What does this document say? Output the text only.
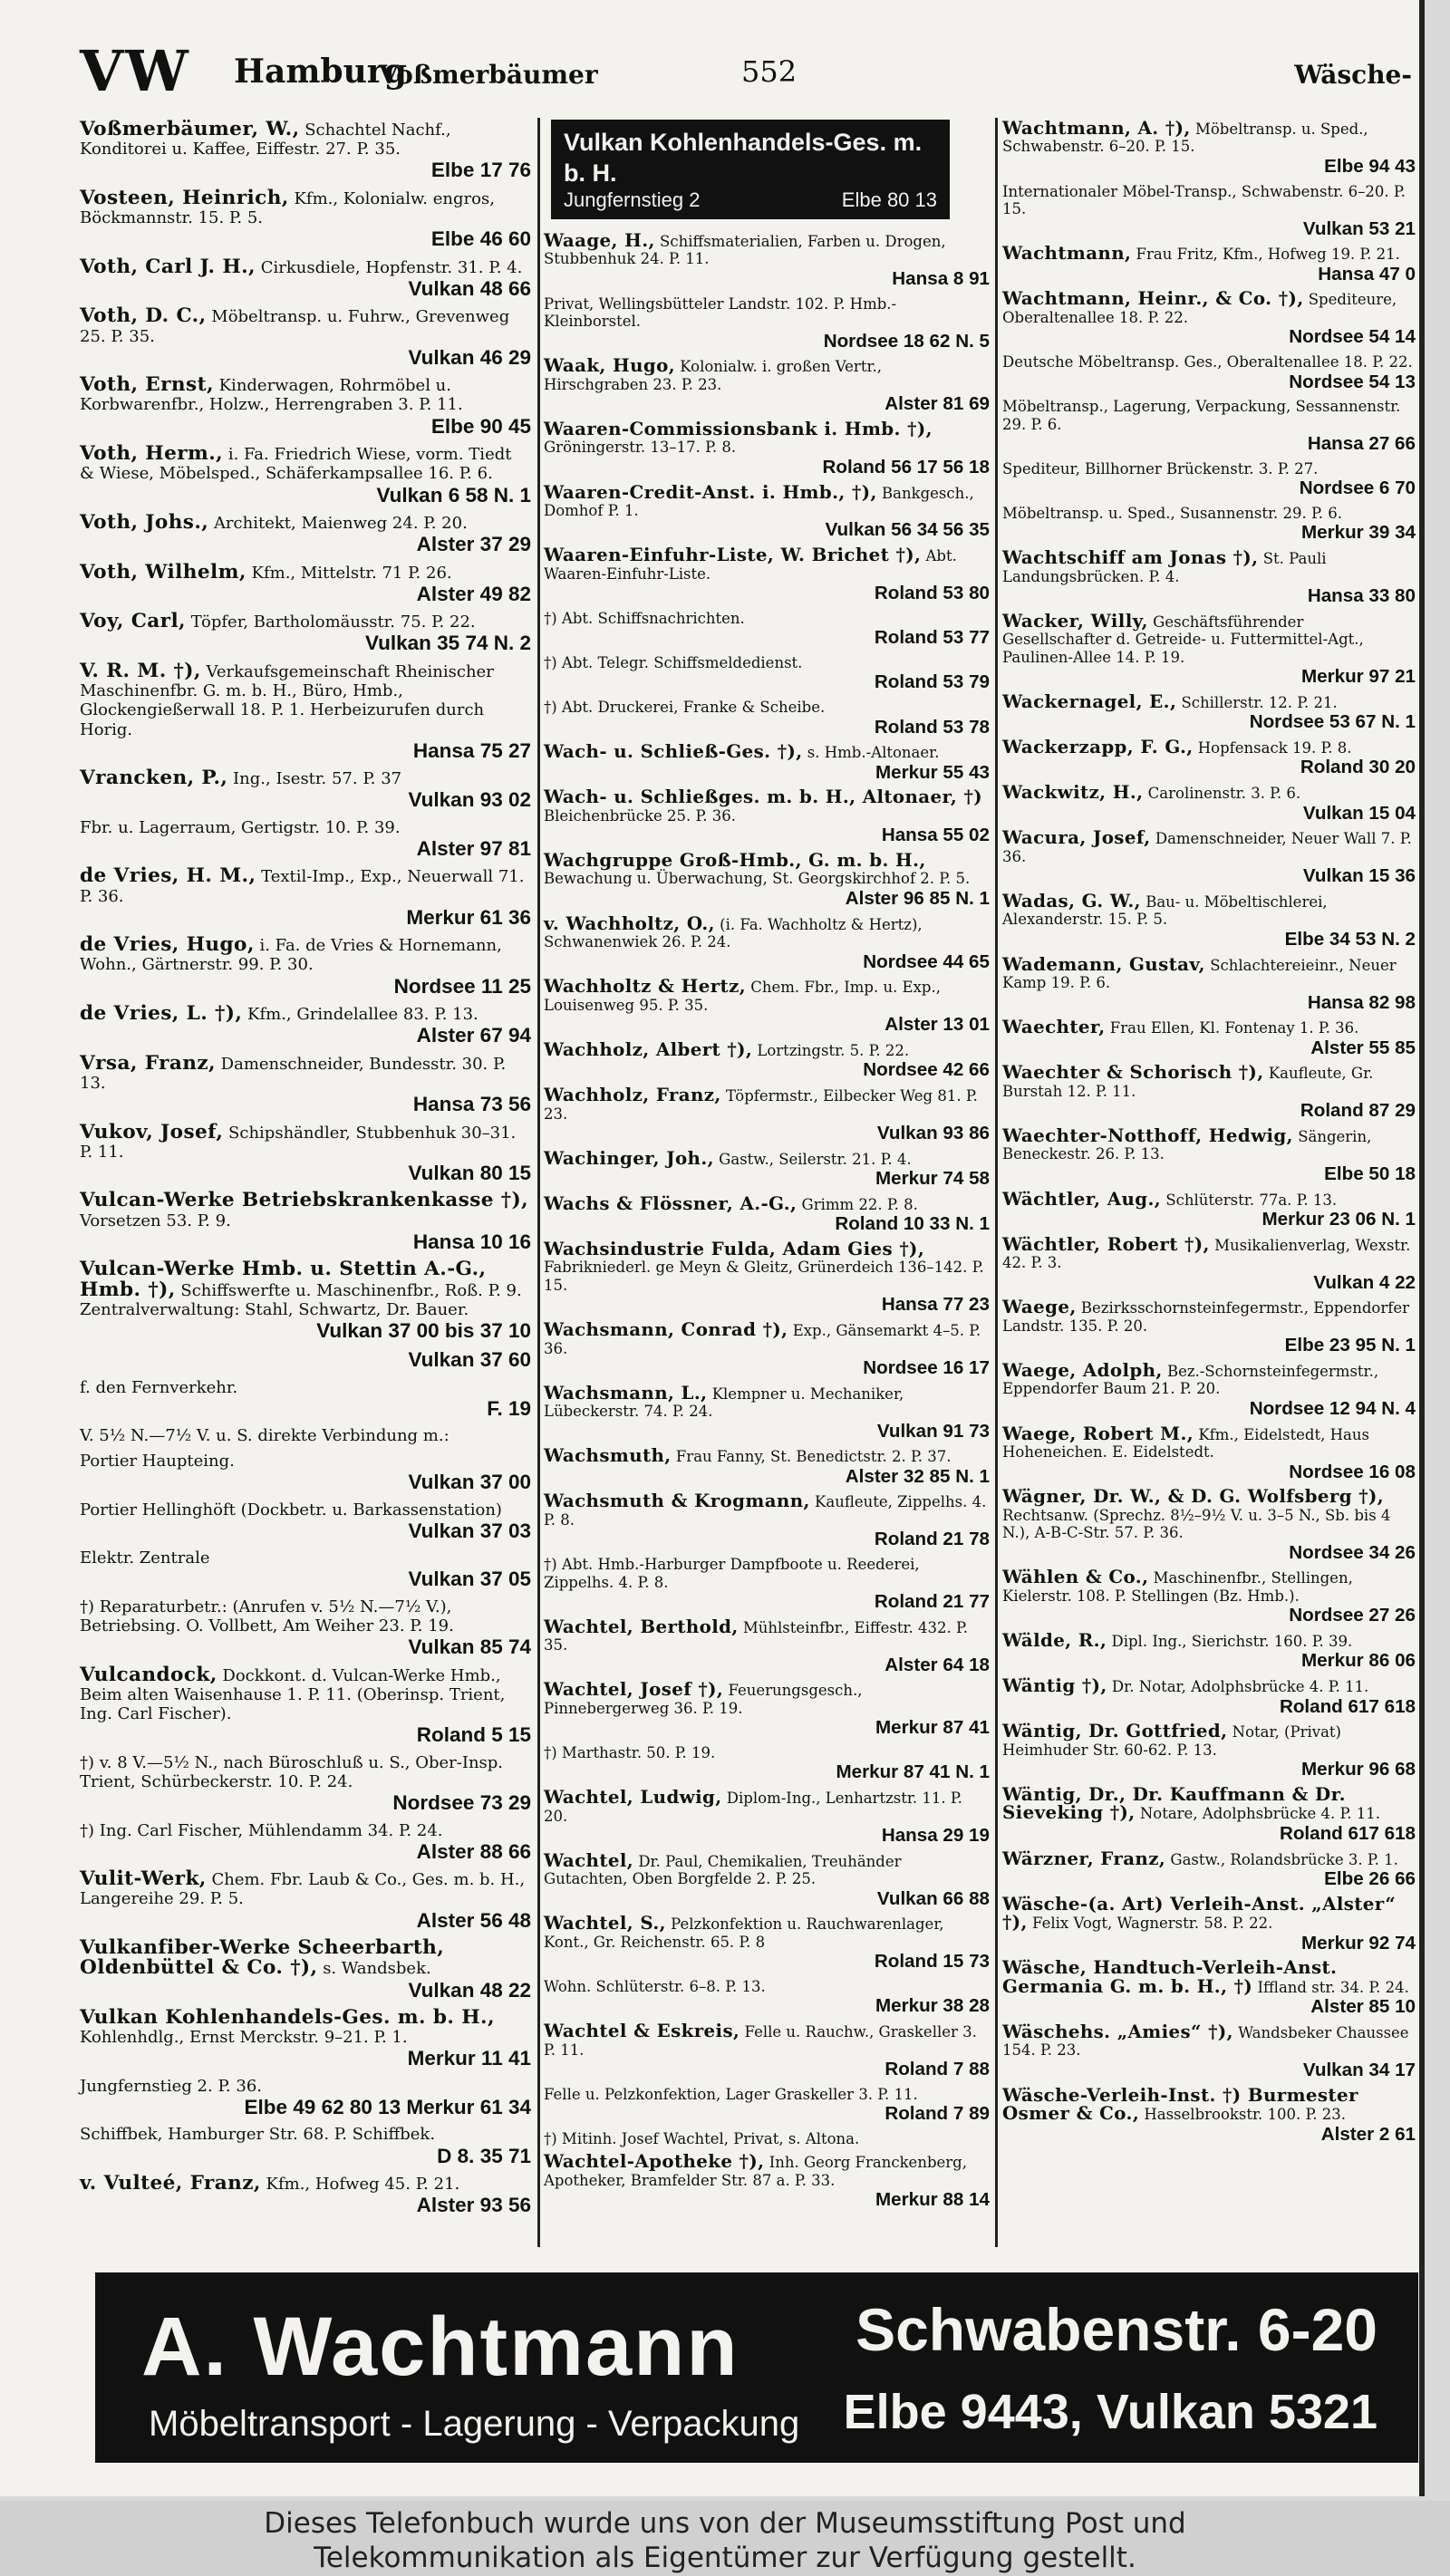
VW Hamburg
Voßmerbäumer	552	Wäsche-
Voßmerbäumer, W., Schachtel Nachf., Konditorei u. Kaffee, Eiffestr. 27. P. 35.
Elbe 17 76
Vosteen, Heinrich, Kfm., Kolonialw. engros, Böckmannstr. 15. P. 5.
Elbe 46 60
Voth, Carl J. H., Cirkusdiele, Hopfenstr. 31. P. 4.
Vulkan 48 66
Voth, D. C., Möbeltransp. u. Fuhrw., Grevenweg 25. P. 35.
Vulkan 46 29
Voth, Ernst, Kinderwagen, Rohrmöbel u. Korbwarenfbr., Holzw., Herrengraben 3. P. 11.
Elbe 90 45
Voth, Herm., i. Fa. Friedrich Wiese, vorm. Tiedt & Wiese, Möbelsped., Schäferkampsallee 16. P. 6.
Vulkan 6 58 N. 1
Voth, Johs., Architekt, Maienweg 24. P. 20.
Alster 37 29
Voth, Wilhelm, Kfm., Mittelstr. 71 P. 26.
Alster 49 82
Voy, Carl, Töpfer, Bartholomäusstr. 75. P. 22.
Vulkan 35 74 N. 2
V. R. M. †), Verkaufsgemeinschaft Rheinischer Maschinenfbr. G. m. b. H., Büro, Hmb., Glockengießerwall 18. P. 1. Herbeizurufen durch Horig.
Hansa 75 27
Vrancken, P., Ing., Isestr. 57. P. 37
Vulkan 93 02
Fbr. u. Lagerraum, Gertigstr. 10. P. 39.
Alster 97 81
de Vries, H. M., Textil-Imp., Exp., Neuerwall 71. P. 36.
Merkur 61 36
de Vries, Hugo, i. Fa. de Vries & Hornemann, Wohn., Gärtnerstr. 99. P. 30.
Nordsee 11 25
de Vries, L. †), Kfm., Grindelallee 83. P. 13.
Alster 67 94
Vrsa, Franz, Damenschneider, Bundesstr. 30. P. 13.
Hansa 73 56
Vukov, Josef, Schipshändler, Stubbenhuk 30–31. P. 11.
Vulkan 80 15
Vulcan-Werke Betriebskrankenkasse †), Vorsetzen 53. P. 9.
Hansa 10 16
Vulcan-Werke Hmb. u. Stettin A.-G., Hmb. †), Schiffswerfte u. Maschinenfbr., Roß. P. 9. Zentralverwaltung: Stahl, Schwartz, Dr. Bauer.
Vulkan 37 00 bis 37 10
Vulkan 37 60
f. den Fernverkehr.
F. 19
V. 5½ N.—7½ V. u. S. direkte Verbindung m.:
Portier Haupteing.
Vulkan 37 00
Portier Hellinghöft (Dockbetr. u. Barkassenstation)
Vulkan 37 03
Elektr. Zentrale
Vulkan 37 05
†) Reparaturbetr.: (Anrufen v. 5½ N.—7½ V.), Betriebsing. O. Vollbett, Am Weiher 23. P. 19.
Vulkan 85 74
Vulcandock, Dockkont. d. Vulcan-Werke Hmb., Beim alten Waisenhause 1. P. 11. (Oberinsp. Trient, Ing. Carl Fischer).
Roland 5 15
†) v. 8 V.—5½ N., nach Büroschluß u. S., Ober-Insp. Trient, Schürbeckerstr. 10. P. 24.
Nordsee 73 29
†) Ing. Carl Fischer, Mühlendamm 34. P. 24.
Alster 88 66
Vulit-Werk, Chem. Fbr. Laub & Co., Ges. m. b. H., Langereihe 29. P. 5.
Alster 56 48
Vulkanfiber-Werke Scheerbarth, Oldenbüttel & Co. †), s. Wandsbek.
Vulkan 48 22
Vulkan Kohlenhandels-Ges. m. b. H., Kohlenhdlg., Ernst Merckstr. 9–21. P. 1.
Merkur 11 41
Jungfernstieg 2. P. 36.
Elbe 49 62 80 13 Merkur 61 34
Schiffbek, Hamburger Str. 68. P. Schiffbek.
D 8. 35 71
v. Vulteé, Franz, Kfm., Hofweg 45. P. 21.
Alster 93 56
Vulkan Kohlenhandels-Ges. m. b. H.
Jungfernstieg 2	Elbe 80 13
Waage, H., Schiffsmaterialien, Farben u. Drogen, Stubbenhuk 24. P. 11.
Hansa 8 91
Privat, Wellingsbütteler Landstr. 102. P. Hmb.-Kleinborstel.
Nordsee 18 62 N. 5
Waak, Hugo, Kolonialw. i. großen Vertr., Hirschgraben 23. P. 23.
Alster 81 69
Waaren-Commissionsbank i. Hmb. †), Gröningerstr. 13–17. P. 8.
Roland 56 17 56 18
Waaren-Credit-Anst. i. Hmb., †), Bankgesch., Domhof P. 1.
Vulkan 56 34 56 35
Waaren-Einfuhr-Liste, W. Brichet †), Abt. Waaren-Einfuhr-Liste.
Roland 53 80
†) Abt. Schiffsnachrichten.
Roland 53 77
†) Abt. Telegr. Schiffsmeldedienst.
Roland 53 79
†) Abt. Druckerei, Franke & Scheibe.
Roland 53 78
Wach- u. Schließ-Ges. †), s. Hmb.-Altonaer.
Merkur 55 43
Wach- u. Schließges. m. b. H., Altonaer, †) Bleichenbrücke 25. P. 36.
Hansa 55 02
Wachgruppe Groß-Hmb., G. m. b. H., Bewachung u. Überwachung, St. Georgskirchhof 2. P. 5.
Alster 96 85 N. 1
v. Wachholtz, O., (i. Fa. Wachholtz & Hertz), Schwanenwiek 26. P. 24.
Nordsee 44 65
Wachholtz & Hertz, Chem. Fbr., Imp. u. Exp., Louisenweg 95. P. 35.
Alster 13 01
Wachholz, Albert †), Lortzingstr. 5. P. 22.
Nordsee 42 66
Wachholz, Franz, Töpfermstr., Eilbecker Weg 81. P. 23.
Vulkan 93 86
Wachinger, Joh., Gastw., Seilerstr. 21. P. 4.
Merkur 74 58
Wachs & Flössner, A.-G., Grimm 22. P. 8.
Roland 10 33 N. 1
Wachsindustrie Fulda, Adam Gies †), Fabrikniederl. ge Meyn & Gleitz, Grünerdeich 136–142. P. 15.
Hansa 77 23
Wachsmann, Conrad †), Exp., Gänsemarkt 4–5. P. 36.
Nordsee 16 17
Wachsmann, L., Klempner u. Mechaniker, Lübeckerstr. 74. P. 24.
Vulkan 91 73
Wachsmuth, Frau Fanny, St. Benedictstr. 2. P. 37.
Alster 32 85 N. 1
Wachsmuth & Krogmann, Kaufleute, Zippelhs. 4. P. 8.
Roland 21 78
†) Abt. Hmb.-Harburger Dampfboote u. Reederei, Zippelhs. 4. P. 8.
Roland 21 77
Wachtel, Berthold, Mühlsteinfbr., Eiffestr. 432. P. 35.
Alster 64 18
Wachtel, Josef †), Feuerungsgesch., Pinnebergerweg 36. P. 19.
Merkur 87 41
†) Marthastr. 50. P. 19.
Merkur 87 41 N. 1
Wachtel, Ludwig, Diplom-Ing., Lenhartzstr. 11. P. 20.
Hansa 29 19
Wachtel, Dr. Paul, Chemikalien, Treuhänder Gutachten, Oben Borgfelde 2. P. 25.
Vulkan 66 88
Wachtel, S., Pelzkonfektion u. Rauchwarenlager, Kont., Gr. Reichenstr. 65. P. 8
Roland 15 73
Wohn. Schlüterstr. 6–8. P. 13.
Merkur 38 28
Wachtel & Eskreis, Felle u. Rauchw., Graskeller 3. P. 11.
Roland 7 88
Felle u. Pelzkonfektion, Lager Graskeller 3. P. 11.
Roland 7 89
†) Mitinh. Josef Wachtel, Privat, s. Altona.
Wachtel-Apotheke †), Inh. Georg Franckenberg, Apotheker, Bramfelder Str. 87 a. P. 33.
Merkur 88 14
Wachtmann, A. †), Möbeltransp. u. Sped., Schwabenstr. 6–20. P. 15.
Elbe 94 43
Internationaler Möbel-Transp., Schwabenstr. 6–20. P. 15.
Vulkan 53 21
Wachtmann, Frau Fritz, Kfm., Hofweg 19. P. 21.
Hansa 47 0
Wachtmann, Heinr., & Co. †), Spediteure, Oberaltenallee 18. P. 22.
Nordsee 54 14
Deutsche Möbeltransp. Ges., Oberaltenallee 18. P. 22.
Nordsee 54 13
Möbeltransp., Lagerung, Verpackung, Sessannenstr. 29. P. 6.
Hansa 27 66
Spediteur, Billhorner Brückenstr. 3. P. 27.
Nordsee 6 70
Möbeltransp. u. Sped., Susannenstr. 29. P. 6.
Merkur 39 34
Wachtschiff am Jonas †), St. Pauli Landungsbrücken. P. 4.
Hansa 33 80
Wacker, Willy, Geschäftsführender Gesellschafter d. Getreide- u. Futtermittel-Agt., Paulinen-Allee 14. P. 19.
Merkur 97 21
Wackernagel, E., Schillerstr. 12. P. 21.
Nordsee 53 67 N. 1
Wackerzapp, F. G., Hopfensack 19. P. 8.
Roland 30 20
Wackwitz, H., Carolinenstr. 3. P. 6.
Vulkan 15 04
Wacura, Josef, Damenschneider, Neuer Wall 7. P. 36.
Vulkan 15 36
Wadas, G. W., Bau- u. Möbeltischlerei, Alexanderstr. 15. P. 5.
Elbe 34 53 N. 2
Wademann, Gustav, Schlachtereieinr., Neuer Kamp 19. P. 6.
Hansa 82 98
Waechter, Frau Ellen, Kl. Fontenay 1. P. 36.
Alster 55 85
Waechter & Schorisch †), Kaufleute, Gr. Burstah 12. P. 11.
Roland 87 29
Waechter-Notthoff, Hedwig, Sängerin, Beneckestr. 26. P. 13.
Elbe 50 18
Wächtler, Aug., Schlüterstr. 77a. P. 13.
Merkur 23 06 N. 1
Wächtler, Robert †), Musikalienverlag, Wexstr. 42. P. 3.
Vulkan 4 22
Waege, Bezirksschornsteinfegermstr., Eppendorfer Landstr. 135. P. 20.
Elbe 23 95 N. 1
Waege, Adolph, Bez.-Schornsteinfegermstr., Eppendorfer Baum 21. P. 20.
Nordsee 12 94 N. 4
Waege, Robert M., Kfm., Eidelstedt, Haus Hoheneichen. E. Eidelstedt.
Nordsee 16 08
Wägner, Dr. W., & D. G. Wolfsberg †), Rechtsanw. (Sprechz. 8½–9½ V. u. 3–5 N., Sb. bis 4 N.), A-B-C-Str. 57. P. 36.
Nordsee 34 26
Wählen & Co., Maschinenfbr., Stellingen, Kielerstr. 108. P. Stellingen (Bz. Hmb.).
Nordsee 27 26
Wälde, R., Dipl. Ing., Sierichstr. 160. P. 39.
Merkur 86 06
Wäntig †), Dr. Notar, Adolphsbrücke 4. P. 11.
Roland 617 618
Wäntig, Dr. Gottfried, Notar, (Privat) Heimhuder Str. 60-62. P. 13.
Merkur 96 68
Wäntig, Dr., Dr. Kauffmann & Dr. Sieveking †), Notare, Adolphsbrücke 4. P. 11.
Roland 617 618
Wärzner, Franz, Gastw., Rolandsbrücke 3. P. 1.
Elbe 26 66
Wäsche-(a. Art) Verleih-Anst. „Alster“ †), Felix Vogt, Wagnerstr. 58. P. 22.
Merkur 92 74
Wäsche, Handtuch-Verleih-Anst. Germania G. m. b. H., †) Iffland str. 34. P. 24.
Alster 85 10
Wäschehs. „Amies“ †), Wandsbeker Chaussee 154. P. 23.
Vulkan 34 17
Wäsche-Verleih-Inst. †) Burmester Osmer & Co., Hasselbrookstr. 100. P. 23.
Alster 2 61
A. Wachtmann Schwabenstr. 6-20
Möbeltransport - Lagerung - Verpackung Elbe 9443, Vulkan 5321
Dieses Telefonbuch wurde uns von der Museumsstiftung Post und
Telekommunikation als Eigentümer zur Verfügung gestellt.
